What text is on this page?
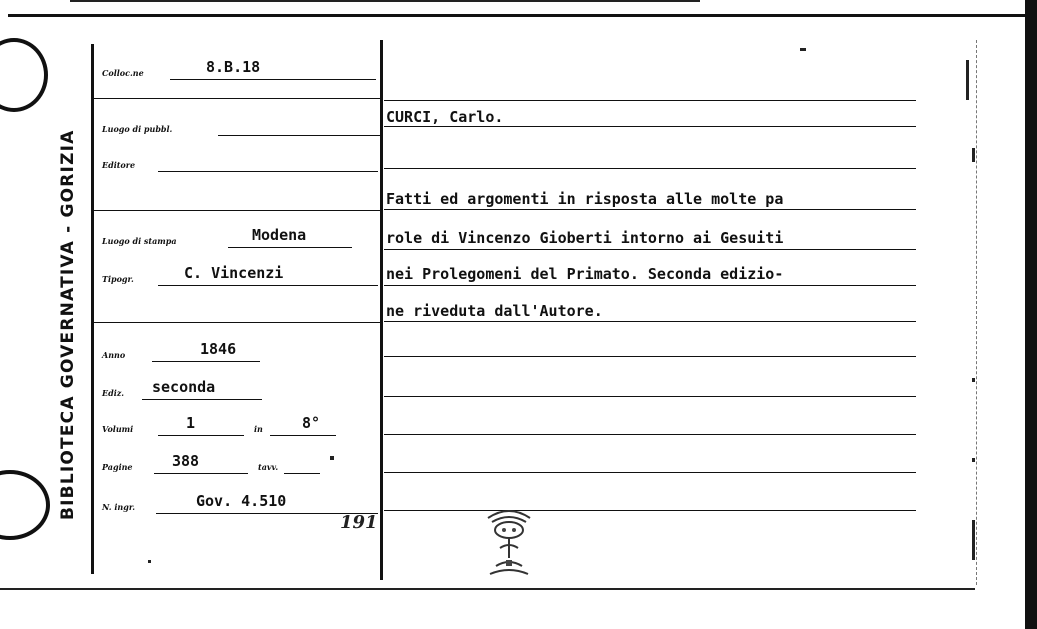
BIBLIOTECA GOVERNATIVA - GORIZIA
Colloc.ne	8.B.18
Luogo di pubbl.
Editore
Luogo di stampa	Modena
Tipogr.	C. Vincenzi
Anno	1846
Ediz. seconda
Volumi	1	in	8°
Pagine	388	tavv.
N. ingr.	Gov. 4.510
191
CURCI, Carlo.
Fatti ed argomenti in risposta alle molte pa
role di Vincenzo Gioberti intorno ai Gesuiti
nei Prolegomeni del Primato. Seconda edizio-
ne riveduta dall'Autore.
